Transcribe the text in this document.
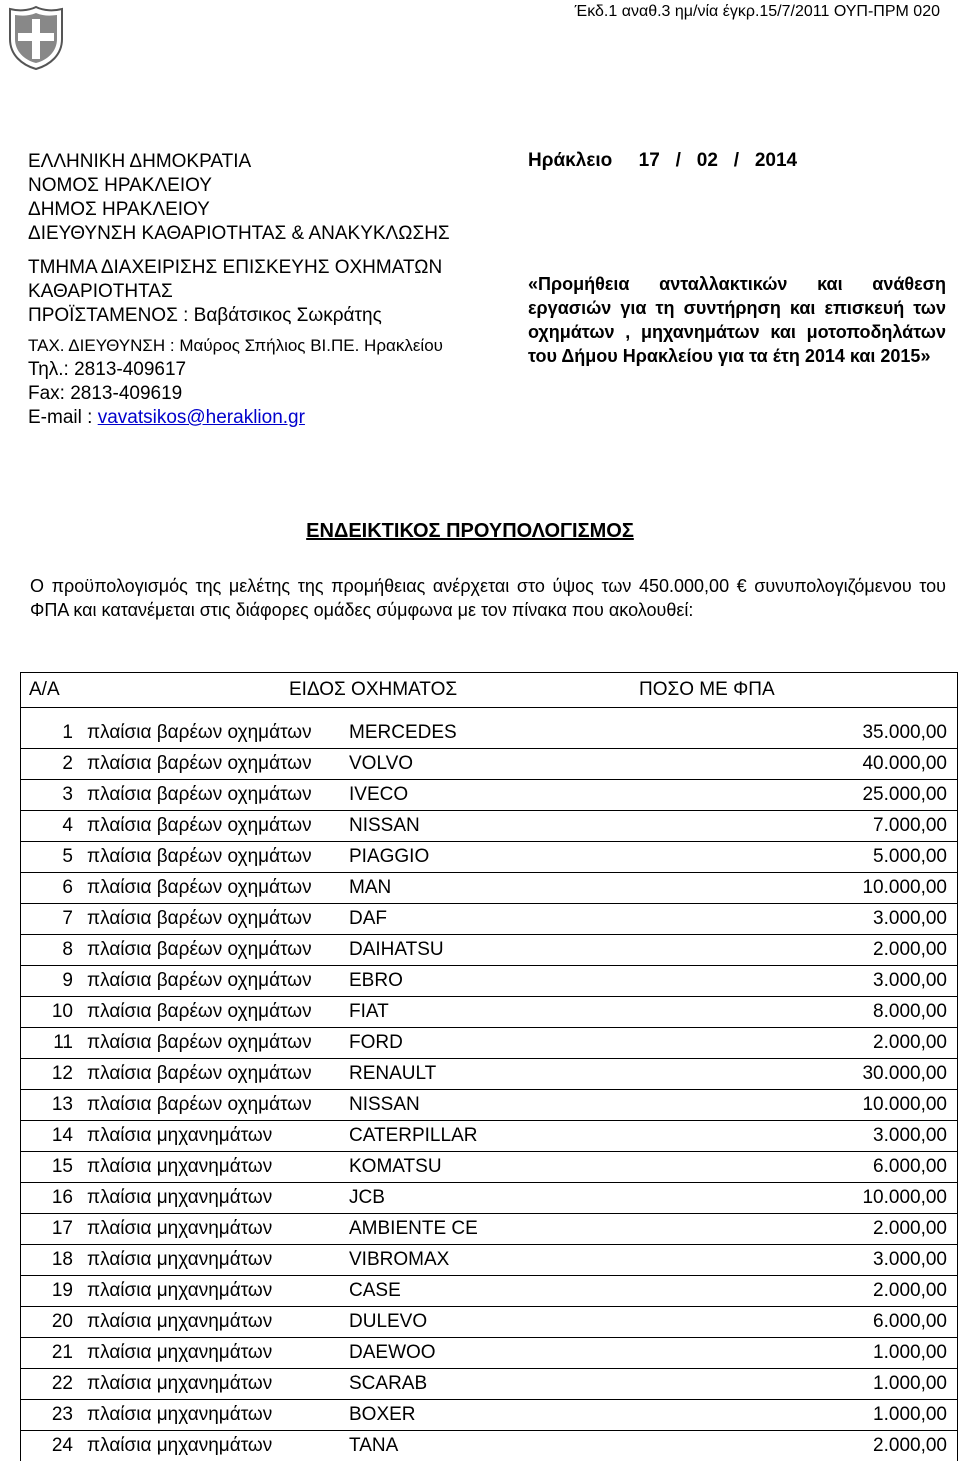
Έκδ.1 αναθ.3 ημ/νία έγκρ.15/7/2011 ΟΥΠ-ΠΡΜ 020
ΕΛΛΗΝΙΚΗ ΔΗΜΟΚΡΑΤΙΑ
ΝΟΜΟΣ ΗΡΑΚΛΕΙΟΥ
ΔΗΜΟΣ ΗΡΑΚΛΕΙΟΥ
ΔΙΕΥΘΥΝΣΗ ΚΑΘΑΡΙΟΤΗΤΑΣ & ΑΝΑΚΥΚΛΩΣΗΣ
ΤΜΗΜΑ ΔΙΑΧΕΙΡΙΣΗΣ ΕΠΙΣΚΕΥΗΣ ΟΧΗΜΑΤΩΝ
ΚΑΘΑΡΙΟΤΗΤΑΣ
ΠΡΟΪΣΤΑΜΕΝΟΣ : Βαβάτσικος Σωκράτης
ΤΑΧ. ΔΙΕΥΘΥΝΣΗ : Μαύρος Σπήλιος ΒΙ.ΠΕ. Ηρακλείου
Τηλ.: 2813-409617
Fax: 2813-409619
E-mail : vavatsikos@heraklion.gr
Ηράκλειο 17 / 02 / 2014
«Προμήθεια ανταλλακτικών και ανάθεση εργασιών για τη συντήρηση και επισκευή των οχημάτων , μηχανημάτων και μοτοποδηλάτων του Δήμου Ηρακλείου για τα έτη 2014 και 2015»
ΕΝΔΕΙΚΤΙΚΟΣ ΠΡΟΥΠΟΛΟΓΙΣΜΟΣ
Ο προϋπολογισμός της μελέτης της προμήθειας ανέρχεται στο ύψος των 450.000,00 € συνυπολογιζόμενου του ΦΠΑ και κατανέμεται στις διάφορες ομάδες σύμφωνα με τον πίνακα που ακολουθεί:
Α/Α	ΕΙΔΟΣ ΟΧΗΜΑΤΟΣ	ΠΟΣΟ ΜΕ ΦΠΑ
1 πλαίσια βαρέων οχημάτων	MERCEDES	35.000,00
2 πλαίσια βαρέων οχημάτων	VOLVO	40.000,00
3 πλαίσια βαρέων οχημάτων	IVECO	25.000,00
4 πλαίσια βαρέων οχημάτων	NISSAN	7.000,00
5 πλαίσια βαρέων οχημάτων	PIAGGIO	5.000,00
6 πλαίσια βαρέων οχημάτων	MAN	10.000,00
7 πλαίσια βαρέων οχημάτων	DAF	3.000,00
8 πλαίσια βαρέων οχημάτων	DAIHATSU	2.000,00
9 πλαίσια βαρέων οχημάτων	EBRO	3.000,00
10 πλαίσια βαρέων οχημάτων	FIAT	8.000,00
11 πλαίσια βαρέων οχημάτων	FORD	2.000,00
12 πλαίσια βαρέων οχημάτων	RENAULT	30.000,00
13 πλαίσια βαρέων οχημάτων	NISSAN	10.000,00
14 πλαίσια μηχανημάτων	CATERPILLAR	3.000,00
15 πλαίσια μηχανημάτων	KOMATSU	6.000,00
16 πλαίσια μηχανημάτων	JCB	10.000,00
17 πλαίσια μηχανημάτων	AMBIENTE CE	2.000,00
18 πλαίσια μηχανημάτων	VIBROMAX	3.000,00
19 πλαίσια μηχανημάτων	CASE	2.000,00
20 πλαίσια μηχανημάτων	DULEVO	6.000,00
21 πλαίσια μηχανημάτων	DAEWOO	1.000,00
22 πλαίσια μηχανημάτων	SCARAB	1.000,00
23 πλαίσια μηχανημάτων	BOXER	1.000,00
24 πλαίσια μηχανημάτων	TANA	2.000,00
